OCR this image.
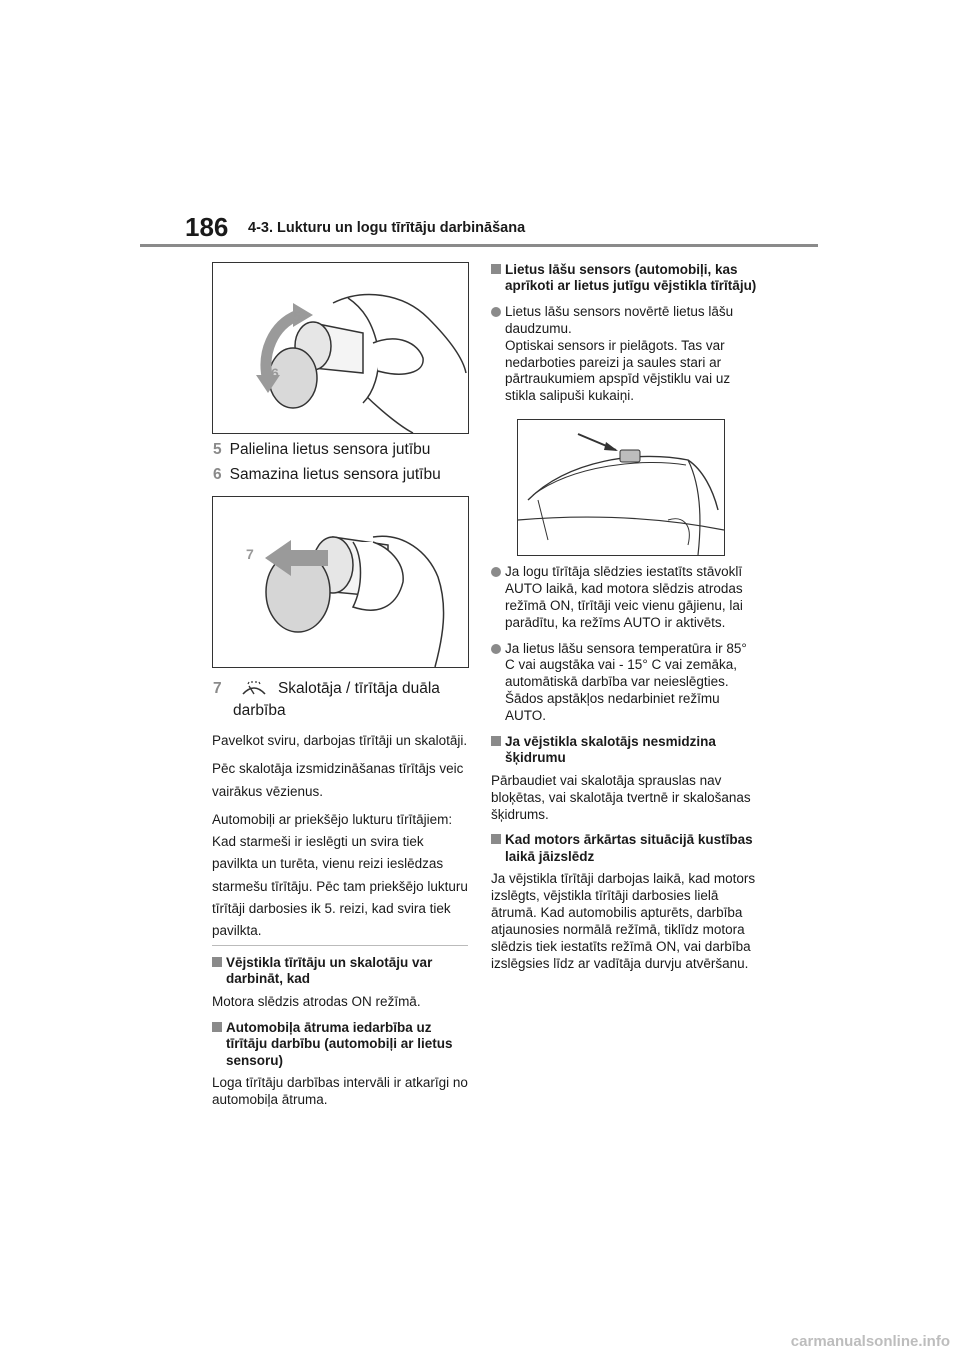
186 4-3. Lukturu un logu tīrītāju darbināšana
5
6
5 Palielina lietus sensora jutību
6 Samazina lietus sensora jutību
7
7	Skalotāja / tīrītāja duāla
darbība

Pavelkot sviru, darbojas tīrītāji un skalotāji.

Pēc skalotāja izsmidzināšanas tīrītājs veic vairākus vēzienus.

Automobiļi ar priekšējo lukturu tīrītājiem: Kad starmeši ir ieslēgti un svira tiek pavilkta un turēta, vienu reizi ieslēdzas starmešu tīrītāju. Pēc tam priekšējo lukturu tīrītāji darbosies ik 5. reizi, kad svira tiek pavilkta.

Vējstikla tīrītāju un skalotāju var darbināt, kad

Motora slēdzis atrodas ON režīmā.

Automobiļa ātruma iedarbība uz tīrītāju darbību (automobiļi ar lietus sensoru)

Loga tīrītāju darbības intervāli ir atkarīgi no automobiļa ātruma.

Lietus lāšu sensors (automobiļi, kas aprīkoti ar lietus jutīgu vējstikla tīrītāju)
Lietus lāšu sensors novērtē lietus lāšu daudzumu.
Optiskai sensors ir pielāgots. Tas var nedarboties pareizi ja saules stari ar pārtraukumiem apspīd vējstiklu vai uz stikla salipuši kukaiņi.
Ja logu tīrītāja slēdzies iestatīts stāvoklī AUTO laikā, kad motora slēdzis atrodas režīmā ON, tīrītāji veic vienu gājienu, lai parādītu, ka režīms AUTO ir aktivēts.
Ja lietus lāšu sensora temperatūra ir 85° C vai augstāka vai - 15° C vai zemāka, automātiskā darbība var neieslēgties. Šādos apstākļos nedarbiniet režīmu AUTO.
Ja vējstikla skalotājs nesmidzina šķidrumu

Pārbaudiet vai skalotāja sprauslas nav bloķētas, vai skalotāja tvertnē ir skalošanas šķidrums.

Kad motors ārkārtas situācijā kustības laikā jāizslēdz

Ja vējstikla tīrītāji darbojas laikā, kad motors izslēgts, vējstikla tīrītāji darbosies lielā ātrumā. Kad automobilis apturēts, darbība atjaunosies normālā režīmā, tiklīdz motora slēdzis tiek iestatīts režīmā ON, vai darbība izslēgsies līdz ar vadītāja durvju atvēršanu.

carmanualsonline.info
